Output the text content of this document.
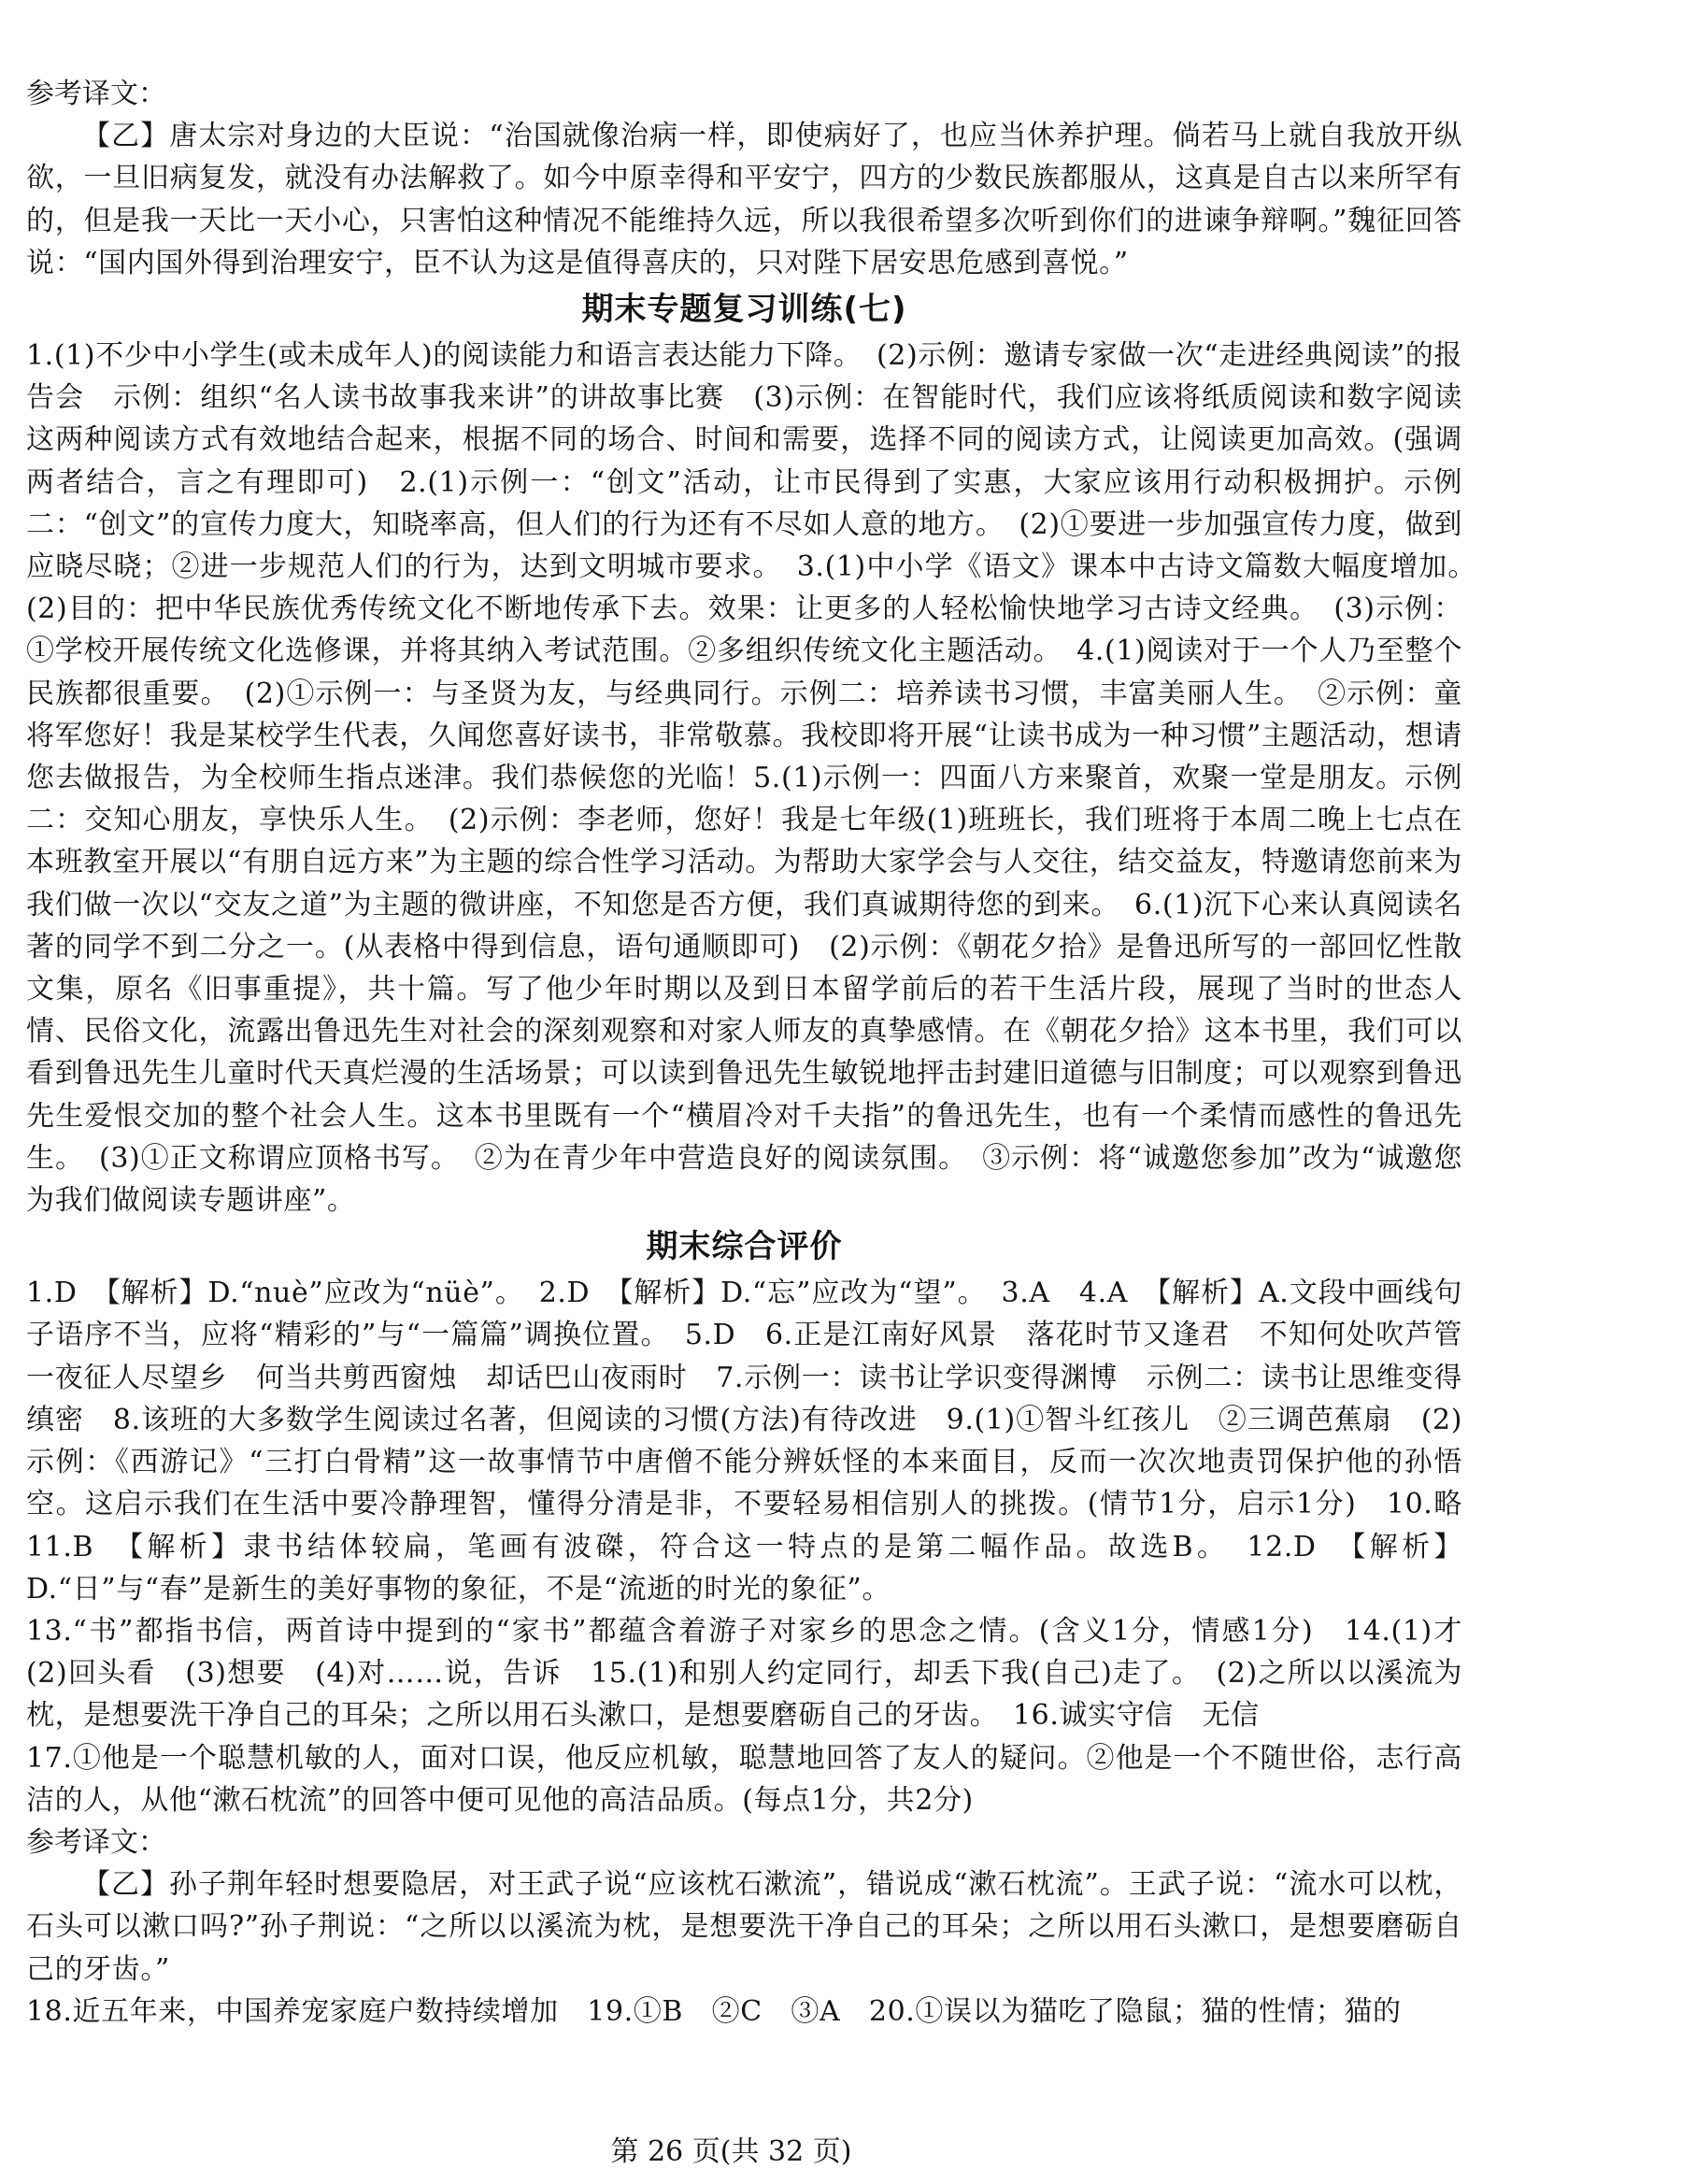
参考译文：

【乙】唐太宗对身边的大臣说：“治国就像治病一样，即使病好了，也应当休养护理。倘若马上就自我放开纵欲，一旦旧病复发，就没有办法解救了。如今中原幸得和平安宁，四方的少数民族都服从，这真是自古以来所罕有的，但是我一天比一天小心，只害怕这种情况不能维持久远，所以我很希望多次听到你们的进谏争辩啊。”魏征回答说：“国内国外得到治理安宁，臣不认为这是值得喜庆的，只对陛下居安思危感到喜悦。”

期末专题复习训练(七)

1.(1)不少中小学生(或未成年人)的阅读能力和语言表达能力下降。　(2)示例：邀请专家做一次“走进经典阅读”的报告会　示例：组织“名人读书故事我来讲”的讲故事比赛　(3)示例：在智能时代，我们应该将纸质阅读和数字阅读这两种阅读方式有效地结合起来，根据不同的场合、时间和需要，选择不同的阅读方式，让阅读更加高效。(强调两者结合，言之有理即可)　2.(1)示例一：“创文”活动，让市民得到了实惠，大家应该用行动积极拥护。示例二：“创文”的宣传力度大，知晓率高，但人们的行为还有不尽如人意的地方。　(2)①要进一步加强宣传力度，做到应晓尽晓；②进一步规范人们的行为，达到文明城市要求。　3.(1)中小学《语文》课本中古诗文篇数大幅度增加。　(2)目的：把中华民族优秀传统文化不断地传承下去。效果：让更多的人轻松愉快地学习古诗文经典。　(3)示例：①学校开展传统文化选修课，并将其纳入考试范围。②多组织传统文化主题活动。　4.(1)阅读对于一个人乃至整个民族都很重要。　(2)①示例一：与圣贤为友，与经典同行。示例二：培养读书习惯，丰富美丽人生。　②示例：童将军您好！我是某校学生代表，久闻您喜好读书，非常敬慕。我校即将开展“让读书成为一种习惯”主题活动，想请您去做报告，为全校师生指点迷津。我们恭候您的光临！5.(1)示例一：四面八方来聚首，欢聚一堂是朋友。示例二：交知心朋友，享快乐人生。　(2)示例：李老师，您好！我是七年级(1)班班长，我们班将于本周二晚上七点在本班教室开展以“有朋自远方来”为主题的综合性学习活动。为帮助大家学会与人交往，结交益友，特邀请您前来为我们做一次以“交友之道”为主题的微讲座，不知您是否方便，我们真诚期待您的到来。　6.(1)沉下心来认真阅读名著的同学不到二分之一。(从表格中得到信息，语句通顺即可)　(2)示例：《朝花夕拾》是鲁迅所写的一部回忆性散文集，原名《旧事重提》，共十篇。写了他少年时期以及到日本留学前后的若干生活片段，展现了当时的世态人情、民俗文化，流露出鲁迅先生对社会的深刻观察和对家人师友的真挚感情。在《朝花夕拾》这本书里，我们可以看到鲁迅先生儿童时代天真烂漫的生活场景；可以读到鲁迅先生敏锐地抨击封建旧道德与旧制度；可以观察到鲁迅先生爱恨交加的整个社会人生。这本书里既有一个“横眉冷对千夫指”的鲁迅先生，也有一个柔情而感性的鲁迅先生。　(3)①正文称谓应顶格书写。　②为在青少年中营造良好的阅读氛围。　③示例：将“诚邀您参加”改为“诚邀您为我们做阅读专题讲座”。

期末综合评价

1.D　【解析】D.“nuè”应改为“nüè”。　2.D　【解析】D.“忘”应改为“望”。　3.A　4.A　【解析】A.文段中画线句子语序不当，应将“精彩的”与“一篇篇”调换位置。　5.D　6.正是江南好风景　落花时节又逢君　不知何处吹芦管　一夜征人尽望乡　何当共剪西窗烛　却话巴山夜雨时　7.示例一：读书让学识变得渊博　示例二：读书让思维变得缜密　8.该班的大多数学生阅读过名著，但阅读的习惯(方法)有待改进　9.(1)①智斗红孩儿　②三调芭蕉扇　(2)示例：《西游记》“三打白骨精”这一故事情节中唐僧不能分辨妖怪的本来面目，反而一次次地责罚保护他的孙悟空。这启示我们在生活中要冷静理智，懂得分清是非，不要轻易相信别人的挑拨。(情节1分，启示1分)　10.略　11.B　【解析】隶书结体较扁，笔画有波磔，符合这一特点的是第二幅作品。故选B。　12.D　【解析】D.“日”与“春”是新生的美好事物的象征，不是“流逝的时光的象征”。

13.“书”都指书信，两首诗中提到的“家书”都蕴含着游子对家乡的思念之情。(含义1分，情感1分)　14.(1)才　(2)回头看　(3)想要　(4)对……说，告诉　15.(1)和别人约定同行，却丢下我(自己)走了。　(2)之所以以溪流为枕，是想要洗干净自己的耳朵；之所以用石头漱口，是想要磨砺自己的牙齿。　16.诚实守信　无信

17.①他是一个聪慧机敏的人，面对口误，他反应机敏，聪慧地回答了友人的疑问。②他是一个不随世俗，志行高洁的人，从他“漱石枕流”的回答中便可见他的高洁品质。(每点1分，共2分)

参考译文：

【乙】孙子荆年轻时想要隐居，对王武子说“应该枕石漱流”，错说成“漱石枕流”。王武子说：“流水可以枕，石头可以漱口吗?”孙子荆说：“之所以以溪流为枕，是想要洗干净自己的耳朵；之所以用石头漱口，是想要磨砺自己的牙齿。”

18.近五年来，中国养宠家庭户数持续增加　19.①B　②C　③A　20.①误以为猫吃了隐鼠；猫的性情；猫的

第 26 页(共 32 页)
